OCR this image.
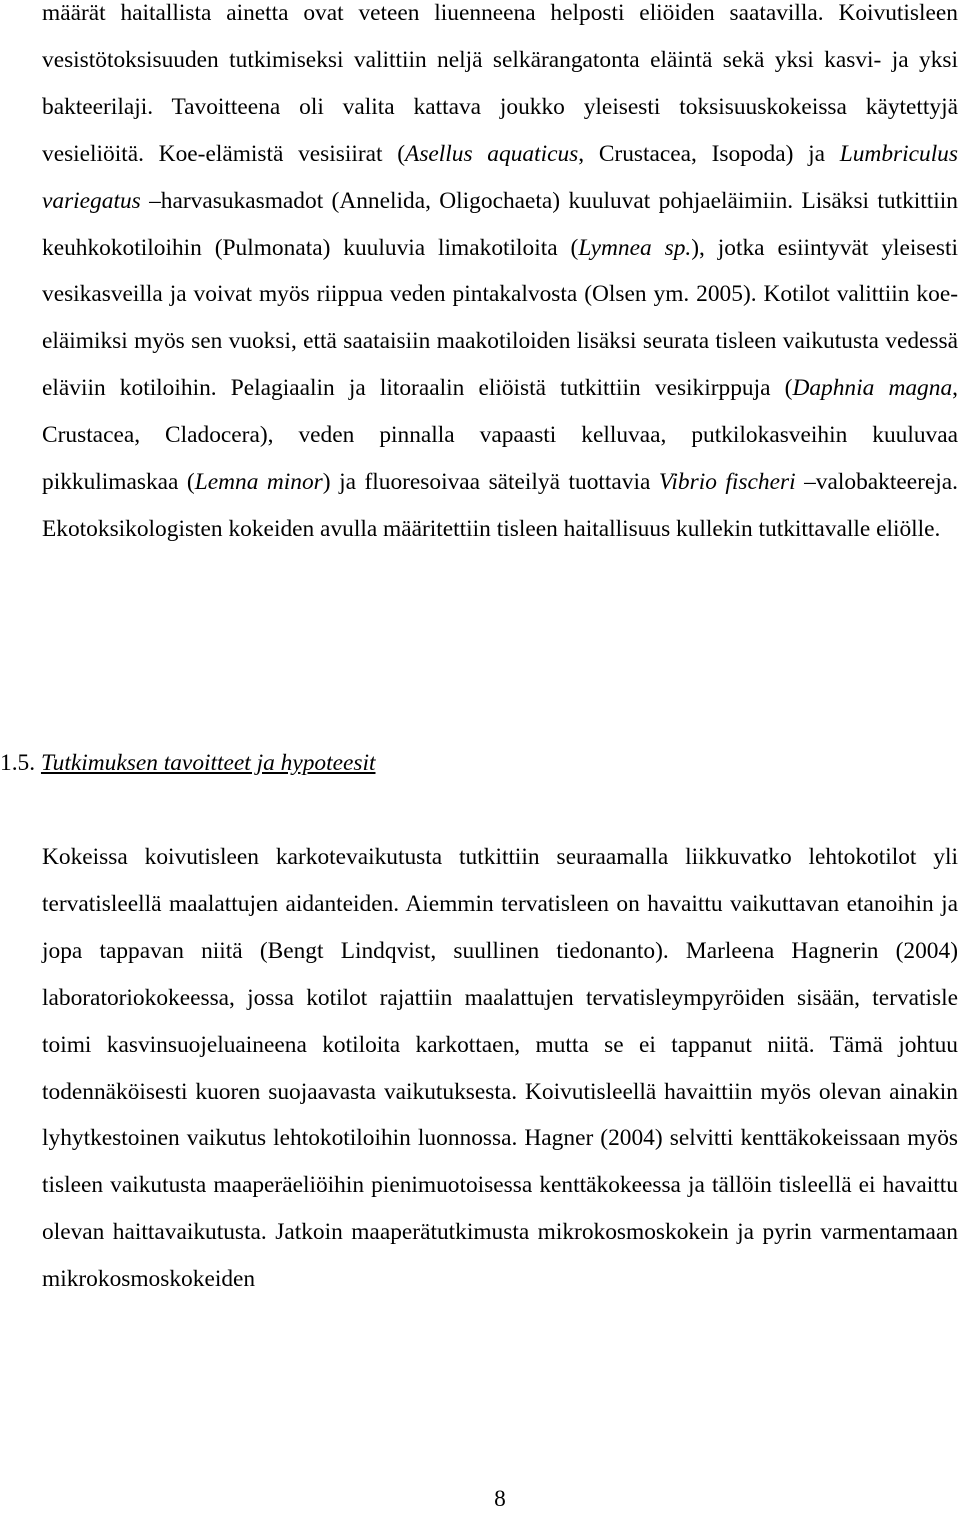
määrät haitallista ainetta ovat veteen liuenneena helposti eliöiden saatavilla. Koivutisleen vesistötoksisuuden tutkimiseksi valittiin neljä selkärangatonta eläintä sekä yksi kasvi- ja yksi bakteerilaji. Tavoitteena oli valita kattava joukko yleisesti toksisuuskokeissa käytettyjä vesieliöitä. Koe-elämistä vesisiirat (Asellus aquaticus, Crustacea, Isopoda) ja Lumbriculus variegatus –harvasukasmadot (Annelida, Oligochaeta) kuuluvat pohjaeläimiin. Lisäksi tutkittiin keuhkokotiloihin (Pulmonata) kuuluvia limakotiloita (Lymnea sp.), jotka esiintyvät yleisesti vesikasveilla ja voivat myös riippua veden pintakalvosta (Olsen ym. 2005). Kotilot valittiin koe-eläimiksi myös sen vuoksi, että saataisiin maakotiloiden lisäksi seurata tisleen vaikutusta vedessä eläviin kotiloihin. Pelagiaalin ja litoraalin eliöistä tutkittiin vesikirppuja (Daphnia magna, Crustacea, Cladocera), veden pinnalla vapaasti kelluvaa, putkilokasveihin kuuluvaa pikkulimaskaa (Lemna minor) ja fluoresoivaa säteilyä tuottavia Vibrio fischeri –valobakteereja. Ekotoksikologisten kokeiden avulla määritettiin tisleen haitallisuus kullekin tutkittavalle eliölle.

1.5. Tutkimuksen tavoitteet ja hypoteesit

Kokeissa koivutisleen karkotevaikutusta tutkittiin seuraamalla liikkuvatko lehtokotilot yli tervatisleellä maalattujen aidanteiden. Aiemmin tervatisleen on havaittu vaikuttavan etanoihin ja jopa tappavan niitä (Bengt Lindqvist, suullinen tiedonanto). Marleena Hagnerin (2004) laboratoriokokeessa, jossa kotilot rajattiin maalattujen tervatisleympyröiden sisään, tervatisle toimi kasvinsuojeluaineena kotiloita karkottaen, mutta se ei tappanut niitä. Tämä johtuu todennäköisesti kuoren suojaavasta vaikutuksesta. Koivutisleellä havaittiin myös olevan ainakin lyhytkestoinen vaikutus lehtokotiloihin luonnossa. Hagner (2004) selvitti kenttäkokeissaan myös tisleen vaikutusta maaperäeliöihin pienimuotoisessa kenttäkokeessa ja tällöin tisleellä ei havaittu olevan haittavaikutusta. Jatkoin maaperätutkimusta mikrokosmoskokein ja pyrin varmentamaan mikrokosmoskokeiden

8
